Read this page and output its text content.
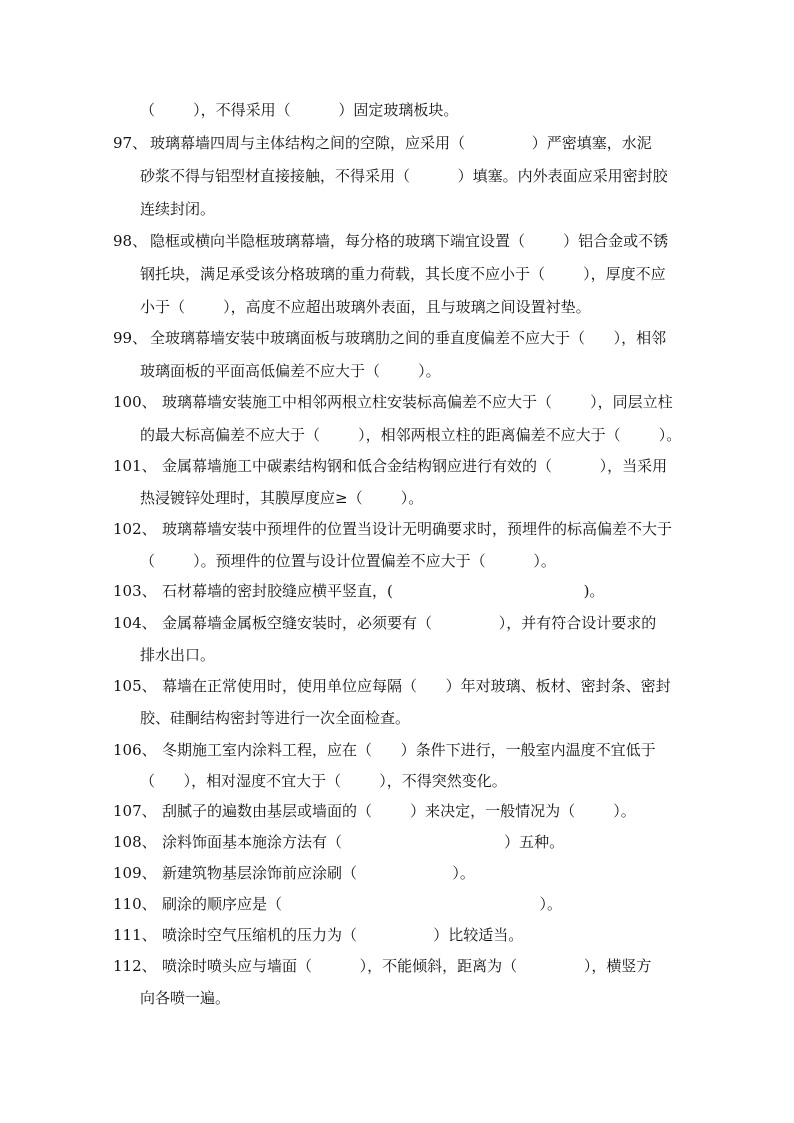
（        ），不得采用（          ）固定玻璃板块。

97、

玻璃幕墙四周与主体结构之间的空隙，应采用（              ）严密填塞，水泥

砂浆不得与铝型材直接接触，不得采用（          ）填塞。内外表面应采用密封胶

连续封闭。

98、

隐框或横向半隐框玻璃幕墙，每分格的玻璃下端宜设置（        ）铝合金或不锈

钢托块，满足承受该分格玻璃的重力荷载，其长度不应小于（        ），厚度不应

小于（        ），高度不应超出玻璃外表面，且与玻璃之间设置衬垫。

99、

全玻璃幕墙安装中玻璃面板与玻璃肋之间的垂直度偏差不应大于（      ），相邻

玻璃面板的平面高低偏差不应大于（        ）。

100、

玻璃幕墙安装施工中相邻两根立柱安装标高偏差不应大于（        ），同层立柱

的最大标高偏差不应大于（        ），相邻两根立柱的距离偏差不应大于（        ）。

101、

金属幕墙施工中碳素结构钢和低合金结构钢应进行有效的（          ），当采用

热浸镀锌处理时，其膜厚度应≥（        ）。

102、

玻璃幕墙安装中预埋件的位置当设计无明确要求时，预埋件的标高偏差不大于

（        ）。预埋件的位置与设计位置偏差不应大于（          ）。

103、

石材幕墙的密封胶缝应横平竖直，(                                        )。

104、

金属幕墙金属板空缝安装时，必须要有（              ），并有符合设计要求的

排水出口。

105、

幕墙在正常使用时，使用单位应每隔（      ）年对玻璃、板材、密封条、密封

胶、硅酮结构密封等进行一次全面检查。

106、

冬期施工室内涂料工程，应在（      ）条件下进行，一般室内温度不宜低于

（      ），相对湿度不宜大于（        ），不得突然变化。

107、

刮腻子的遍数由基层或墙面的（        ）来决定，一般情况为（        ）。

108、

涂料饰面基本施涂方法有（                                  ）五种。

109、

新建筑物基层涂饰前应涂刷（                    ）。

110、

刷涂的顺序应是（                                                      ）。

111、

喷涂时空气压缩机的压力为（                ）比较适当。

112、

喷涂时喷头应与墙面（          ），不能倾斜，距离为（              ），横竖方

向各喷一遍。
